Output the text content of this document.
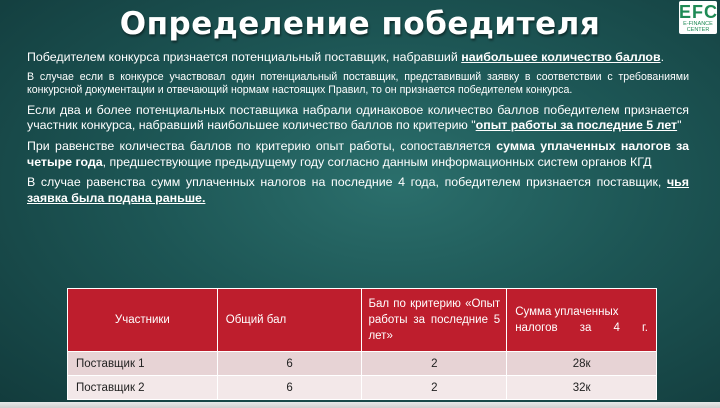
Определение победителя	EFC
E-FINANCE
CENTER

Победителем конкурса признается потенциальный поставщик, набравший наибольшее количество баллов.

В случае если в конкурсе участвовал один потенциальный поставщик, представивший заявку в соответствии с требованиями конкурсной документации и отвечающий нормам настоящих Правил, то он признается победителем конкурса.

Если два и более потенциальных поставщика набрали одинаковое количество баллов победителем признается участник конкурса, набравший наибольшее количество баллов по критерию "опыт работы за последние 5 лет"

При равенстве количества баллов по критерию опыт работы, сопоставляется сумма уплаченных налогов за четыре года, предшествующие предыдущему году согласно данным информационных систем органов КГД

В случае равенства сумм уплаченных налогов на последние 4 года, победителем признается поставщик, чья заявка была подана раньше.

Участники	Общий бал	Бал по критерию «Опыт работы за последние 5 лет»	Сумма уплаченных налогов за 4 г.
Поставщик 1	6	2	28к
Поставщик 2	6	2	32к
